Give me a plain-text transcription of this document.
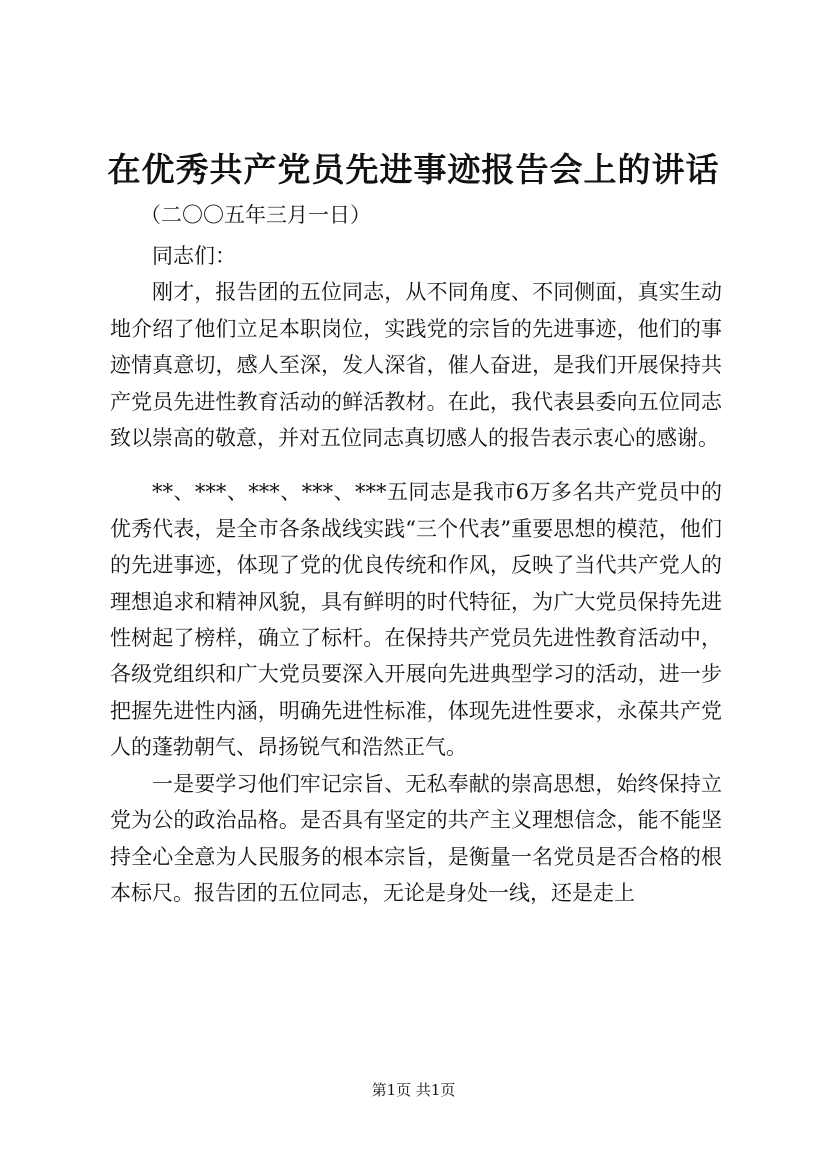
在优秀共产党员先进事迹报告会上的讲话
（二〇〇五年三月一日）

同志们：

刚才，报告团的五位同志，从不同角度、不同侧面，真实生动地介绍了他们立足本职岗位，实践党的宗旨的先进事迹，他们的事迹情真意切，感人至深，发人深省，催人奋进，是我们开展保持共产党员先进性教育活动的鲜活教材。在此，我代表县委向五位同志致以崇高的敬意，并对五位同志真切感人的报告表示衷心的感谢。

**、***、***、***、***五同志是我市6万多名共产党员中的优秀代表，是全市各条战线实践“三个代表”重要思想的模范，他们的先进事迹，体现了党的优良传统和作风，反映了当代共产党人的理想追求和精神风貌，具有鲜明的时代特征，为广大党员保持先进性树起了榜样，确立了标杆。在保持共产党员先进性教育活动中，各级党组织和广大党员要深入开展向先进典型学习的活动，进一步把握先进性内涵，明确先进性标准，体现先进性要求，永葆共产党人的蓬勃朝气、昂扬锐气和浩然正气。

一是要学习他们牢记宗旨、无私奉献的崇高思想，始终保持立党为公的政治品格。是否具有坚定的共产主义理想信念，能不能坚持全心全意为人民服务的根本宗旨，是衡量一名党员是否合格的根本标尺。报告团的五位同志，无论是身处一线，还是走上

第1页 共1页
